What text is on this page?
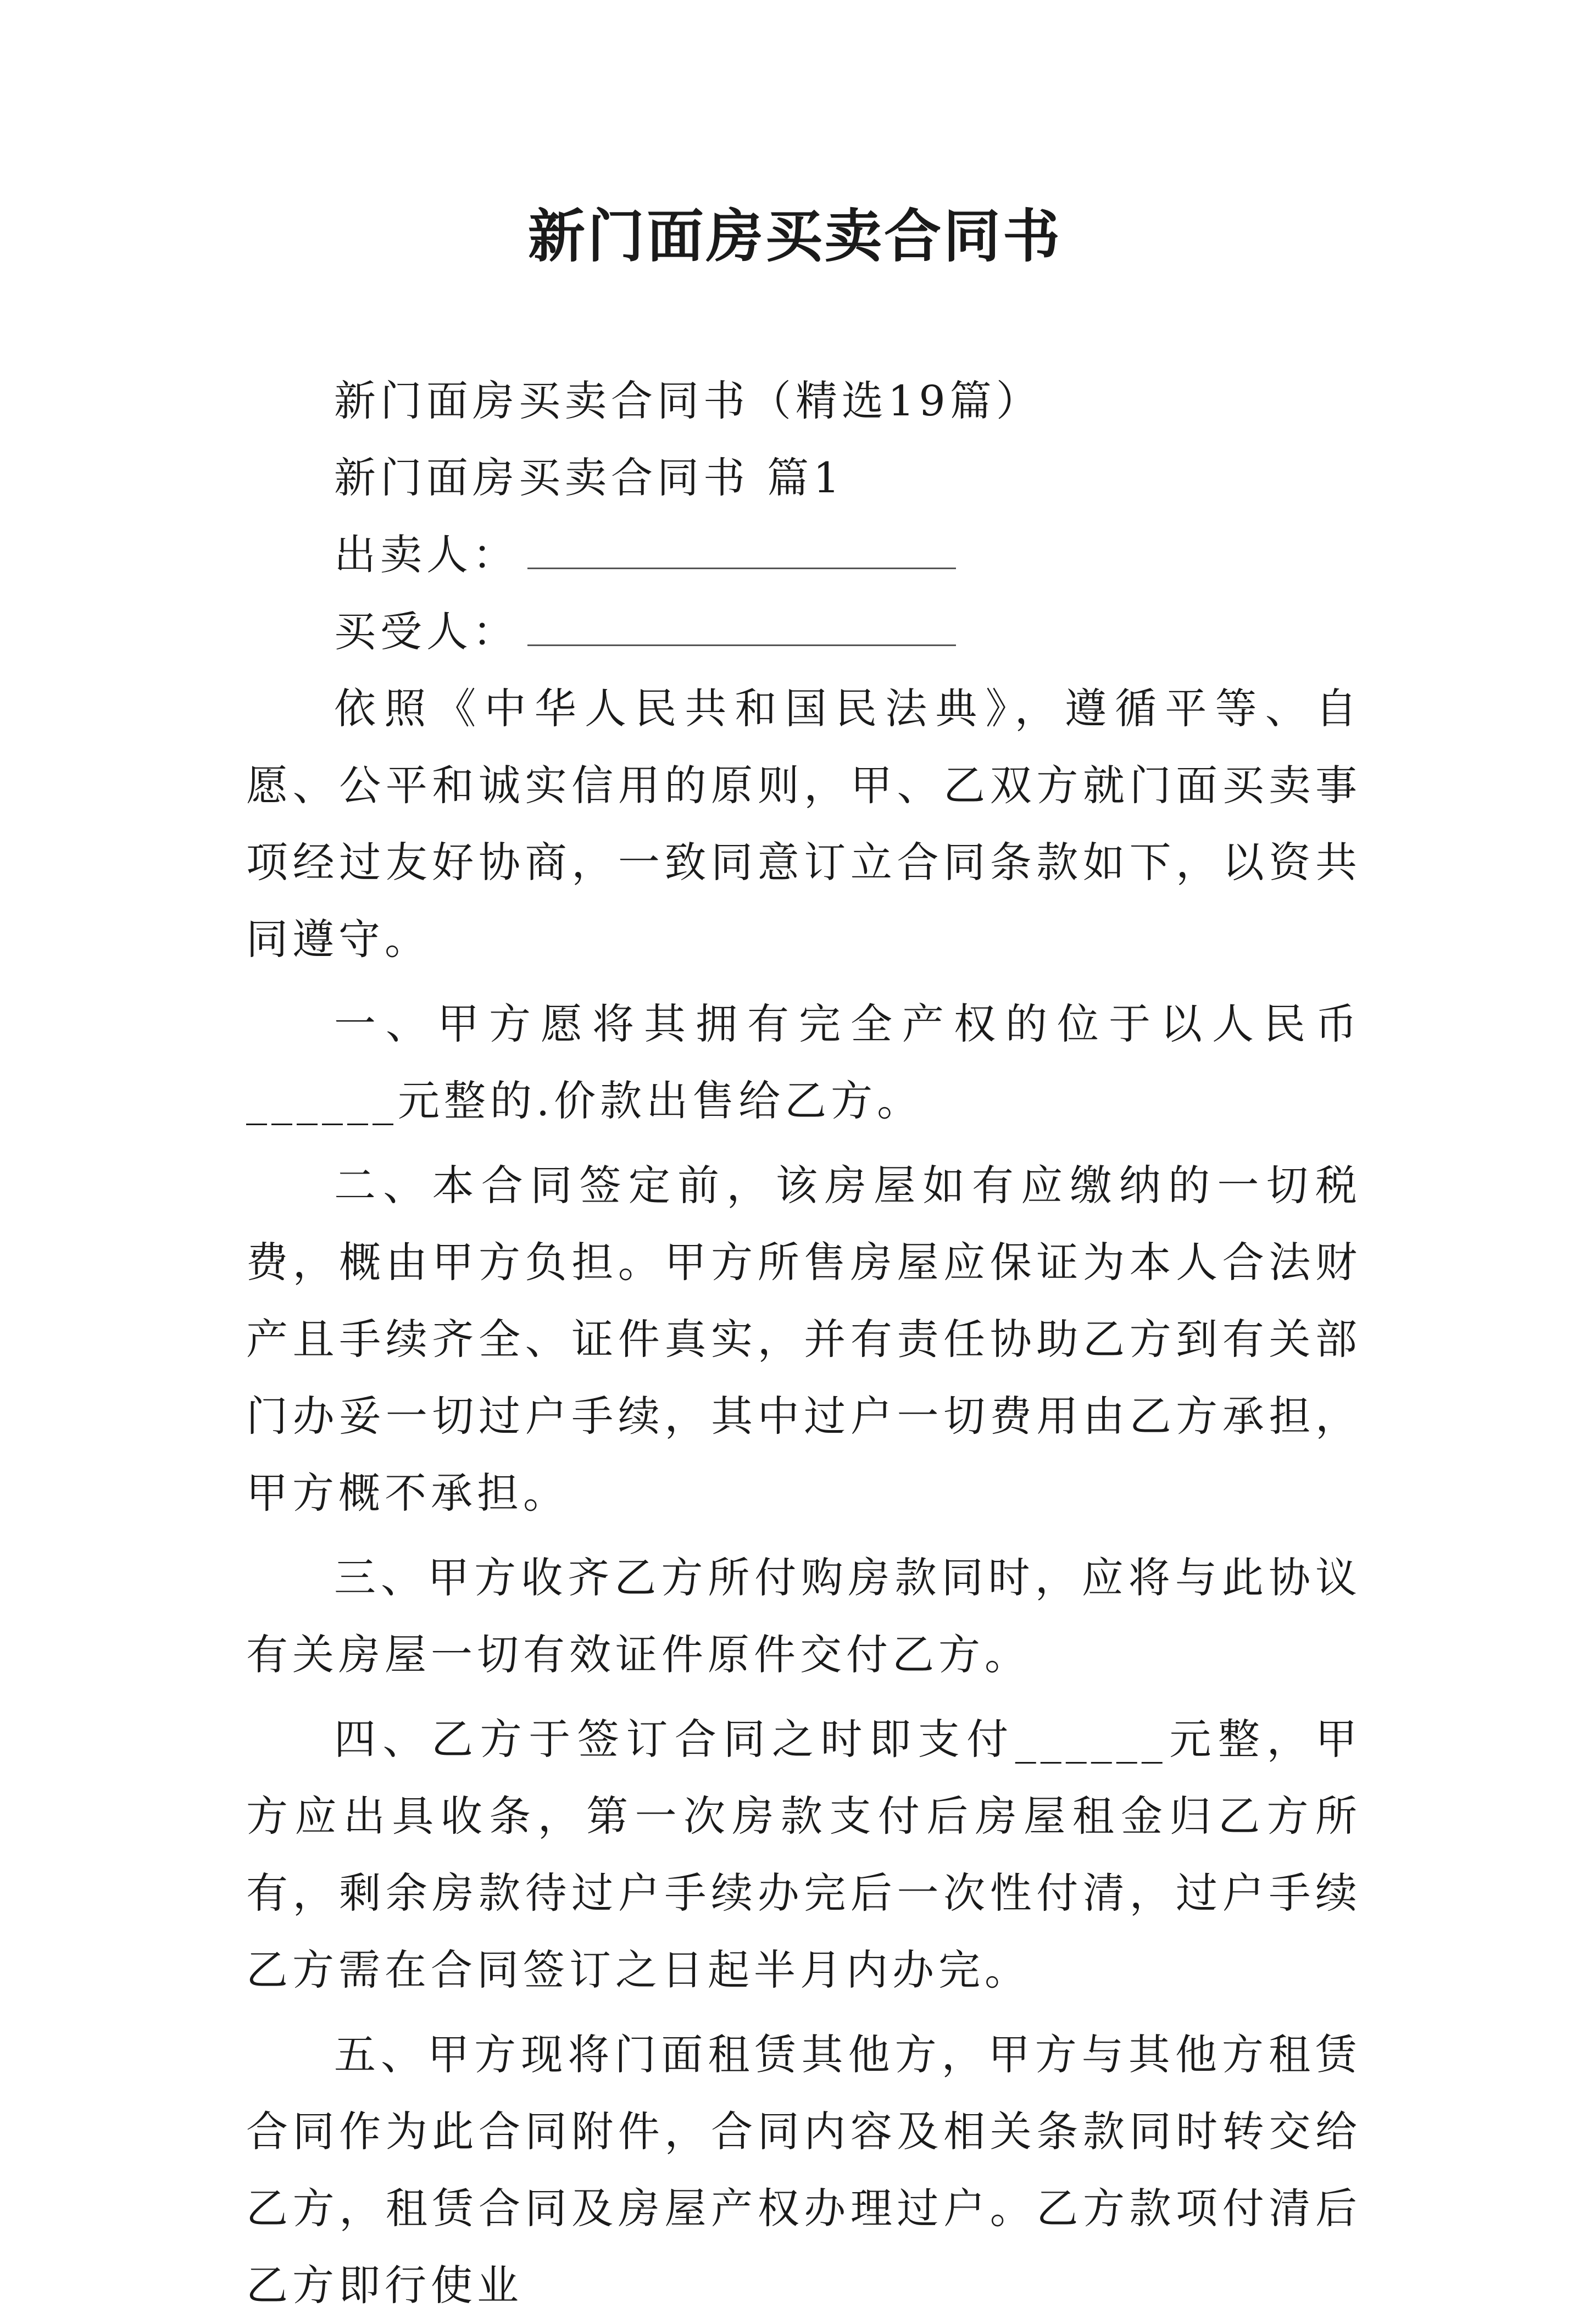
新门面房买卖合同书

新门面房买卖合同书（精选19篇）

新门面房买卖合同书 篇1

出卖人：

买受人：

依照《中华人民共和国民法典》，遵循平等、自愿、公平和诚实信用的原则，甲、乙双方就门面买卖事项经过友好协商，一致同意订立合同条款如下，以资共同遵守。

一、甲方愿将其拥有完全产权的位于以人民币______元整的.价款出售给乙方。

二、本合同签定前，该房屋如有应缴纳的一切税费，概由甲方负担。甲方所售房屋应保证为本人合法财产且手续齐全、证件真实，并有责任协助乙方到有关部门办妥一切过户手续，其中过户一切费用由乙方承担，甲方概不承担。

三、甲方收齐乙方所付购房款同时，应将与此协议有关房屋一切有效证件原件交付乙方。

四、乙方于签订合同之时即支付______元整，甲方应出具收条，第一次房款支付后房屋租金归乙方所有，剩余房款待过户手续办完后一次性付清，过户手续乙方需在合同签订之日起半月内办完。

五、甲方现将门面租赁其他方，甲方与其他方租赁合同作为此合同附件，合同内容及相关条款同时转交给乙方，租赁合同及房屋产权办理过户。乙方款项付清后乙方即行使业
